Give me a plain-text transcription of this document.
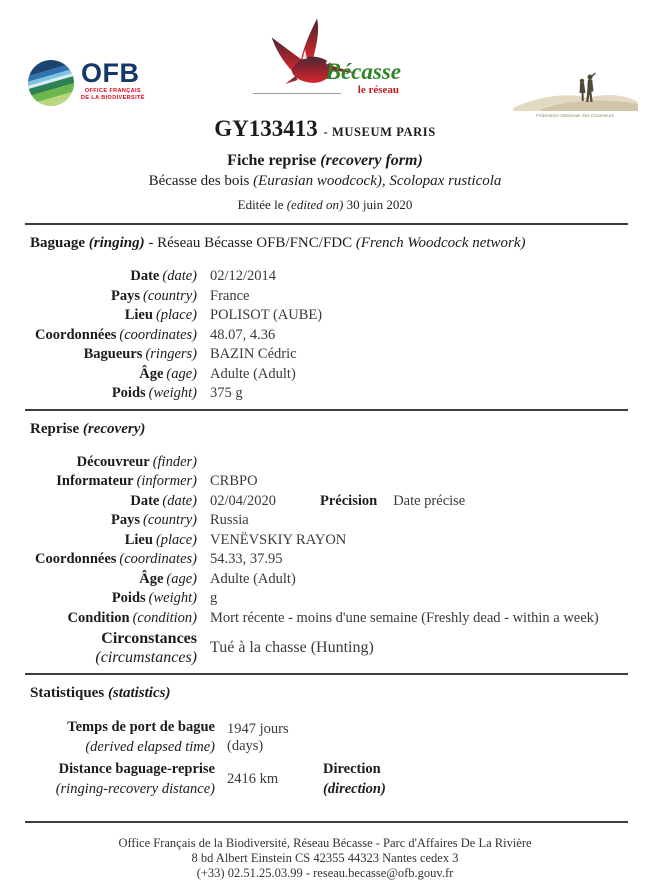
OFB
OFFICE FRANÇAIS
DE LA BIODIVERSITÉ
Bécasse
le réseau
Fédération Nationale des Chasseurs
GY133413 - MUSEUM PARIS
Fiche reprise (recovery form)
Bécasse des bois (Eurasian woodcock), Scolopax rusticola
Editée le (edited on) 30 juin 2020
Baguage (ringing) - Réseau Bécasse OFB/FNC/FDC (French Woodcock network)
Date (date) 02/12/2014
Pays (country) France
Lieu (place) POLISOT (AUBE)
Coordonnées (coordinates) 48.07, 4.36
Bagueurs (ringers) BAZIN Cédric
Âge (age) Adulte (Adult)
Poids (weight) 375 g
Reprise (recovery)
Découvreur (finder)
Informateur (informer) CRBPO
Date (date) 02/04/2020	Précision Date précise
Pays (country) Russia
Lieu (place) VENËVSKIY RAYON
Coordonnées (coordinates) 54.33, 37.95
Âge (age) Adulte (Adult)
Poids (weight) g
Condition (condition) Mort récente - moins d'une semaine (Freshly dead - within a week)
Circonstances
(circumstances)
Tué à la chasse (Hunting)
Statistiques (statistics)
Temps de port de bague
(derived elapsed time)
1947 jours (days)
Distance baguage-reprise
(ringing-recovery distance)
2416 km
Direction
(direction)
Office Français de la Biodiversité, Réseau Bécasse - Parc d'Affaires De La Rivière
8 bd Albert Einstein CS 42355 44323 Nantes cedex 3
(+33) 02.51.25.03.99 - reseau.becasse@ofb.gouv.fr
